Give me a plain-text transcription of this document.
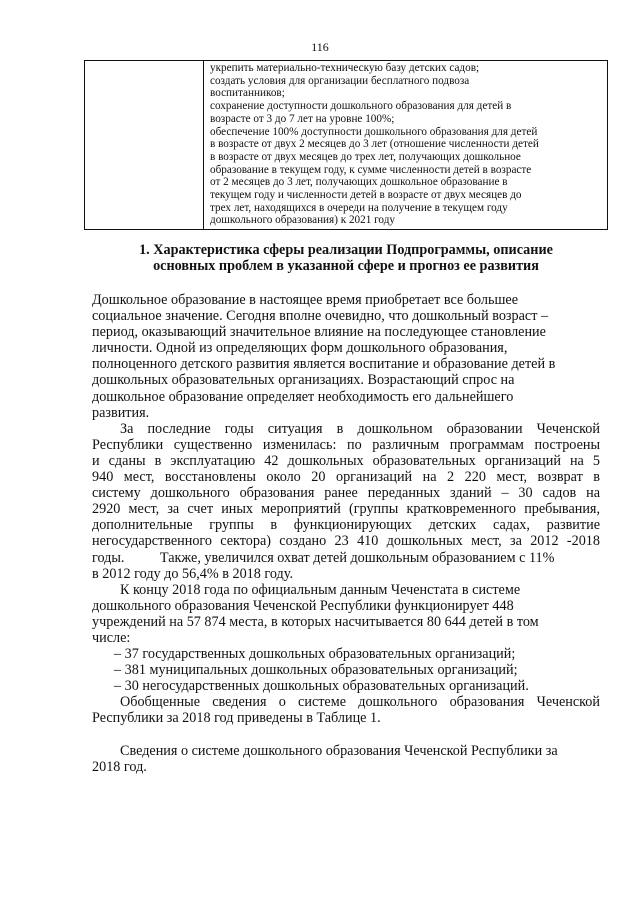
116

укрепить материально-техническую базу детских садов;
создать условия для организации бесплатного подвоза
воспитанников;
сохранение доступности дошкольного образования для детей в
возрасте от 3 до 7 лет на уровне 100%;
обеспечение 100% доступности дошкольного образования для детей
в возрасте от двух 2 месяцев до 3 лет (отношение численности детей
в возрасте от двух месяцев до трех лет, получающих дошкольное
образование в текущем году, к сумме численности детей в возрасте
от 2 месяцев до 3 лет, получающих дошкольное образование в
текущем году и численности детей в возрасте от двух месяцев до
трех лет, находящихся в очереди на получение в текущем году
дошкольного образования) к 2021 году
1. Характеристика сферы реализации Подпрограммы, описание
основных проблем в указанной сфере и прогноз ее развития
Дошкольное образование в настоящее время приобретает все большее
социальное значение. Сегодня вполне очевидно, что дошкольный возраст –
период, оказывающий значительное влияние на последующее становление
личности. Одной из определяющих форм дошкольного образования,
полноценного детского развития является воспитание и образование детей в
дошкольных образовательных организациях. Возрастающий спрос на
дошкольное образование определяет необходимость его дальнейшего
развития.
За последние годы ситуация в дошкольном образовании Чеченской
Республики существенно изменилась: по различным программам построены
и сданы в эксплуатацию 42 дошкольных образовательных организаций на 5
940 мест, восстановлены около 20 организаций на 2 220 мест, возврат в
систему дошкольного образования ранее переданных зданий – 30 садов на
2920 мест, за счет иных мероприятий (группы кратковременного пребывания,
дополнительные группы в функционирующих детских садах, развитие
негосударственного сектора) создано 23 410 дошкольных мест, за 2012 -2018
годы.          Также, увеличился охват детей дошкольным образованием с 11%
в 2012 году до 56,4% в 2018 году.
К концу 2018 года по официальным данным Чеченстата в системе
дошкольного образования Чеченской Республики функционирует 448
учреждений на 57 874 места, в которых насчитывается 80 644 детей в том
числе:
– 37 государственных дошкольных образовательных организаций;
– 381 муниципальных дошкольных образовательных организаций;
– 30 негосударственных дошкольных образовательных организаций.
Обобщенные сведения о системе дошкольного образования Чеченской
Республики за 2018 год приведены в Таблице 1.
Сведения о системе дошкольного образования Чеченской Республики за
2018 год.
